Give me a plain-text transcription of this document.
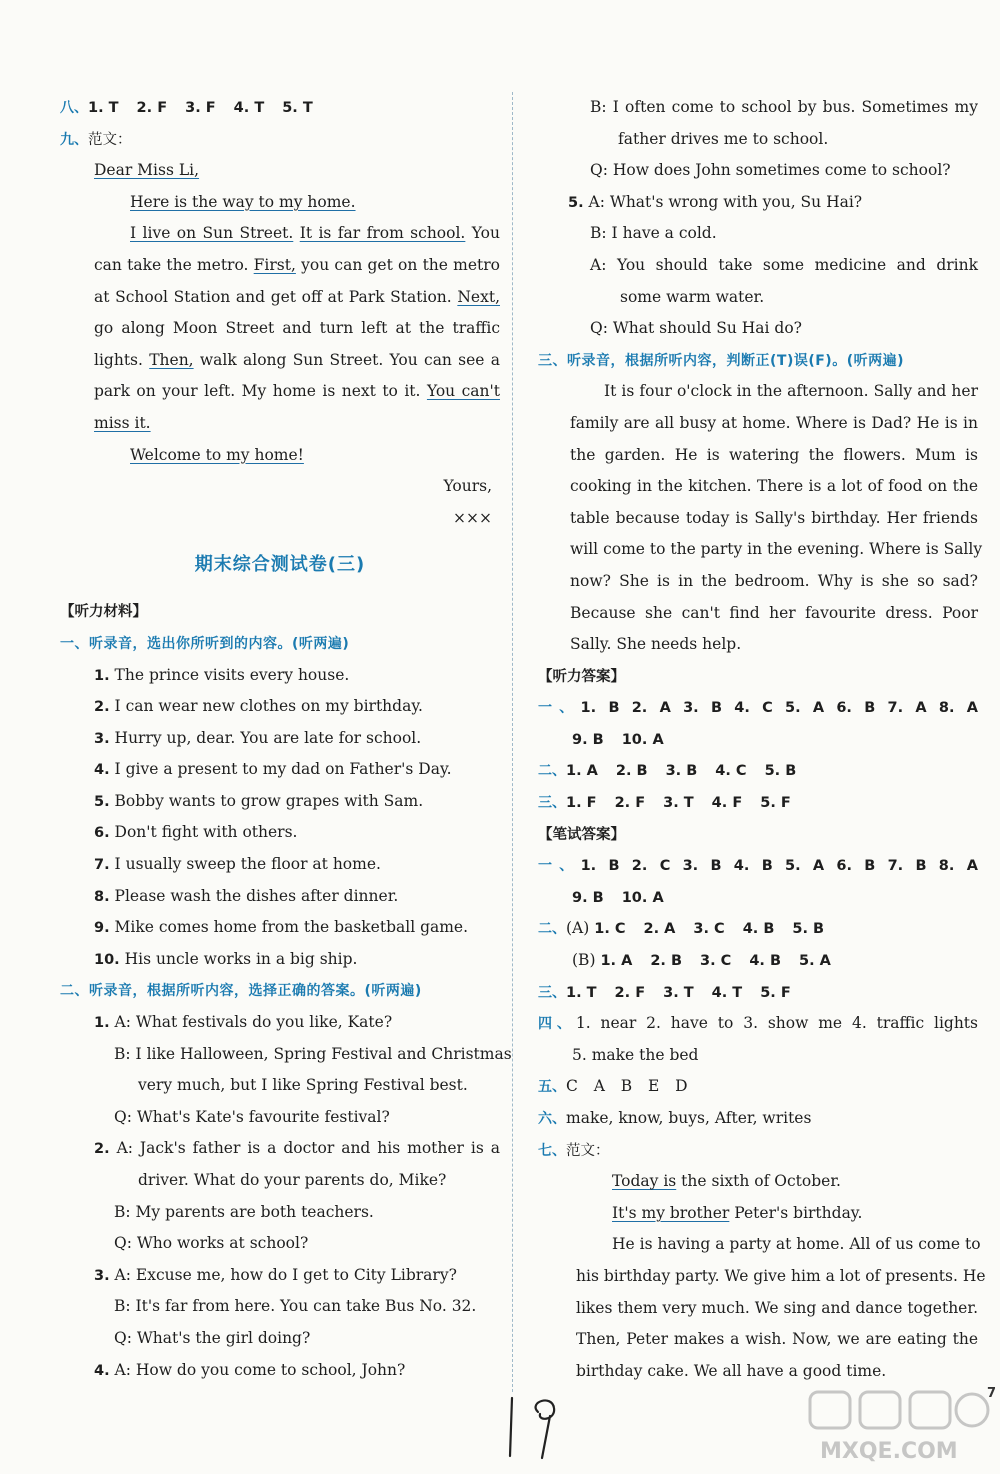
八、1. T 2. F 3. F 4. T 5. T
九、范文：
Dear Miss Li,
Here is the way to my home.
I live on Sun Street. It is far from school. You
can take the metro. First, you can get on the metro
at School Station and get off at Park Station. Next,
go along Moon Street and turn left at the traffic
lights. Then, walk along Sun Street. You can see a
park on your left. My home is next to it. You can't
miss it.
Welcome to my home!
Yours,
×××
期末综合测试卷(三)
【听力材料】
一、听录音，选出你所听到的内容。(听两遍)
1. The prince visits every house.
2. I can wear new clothes on my birthday.
3. Hurry up, dear. You are late for school.
4. I give a present to my dad on Father's Day.
5. Bobby wants to grow grapes with Sam.
6. Don't fight with others.
7. I usually sweep the floor at home.
8. Please wash the dishes after dinner.
9. Mike comes home from the basketball game.
10. His uncle works in a big ship.
二、听录音，根据所听内容，选择正确的答案。(听两遍)
1. A: What festivals do you like, Kate?
B: I like Halloween, Spring Festival and Christmas
very much, but I like Spring Festival best.
Q: What's Kate's favourite festival?
2. A: Jack's father is a doctor and his mother is a
driver. What do your parents do, Mike?
B: My parents are both teachers.
Q: Who works at school?
3. A: Excuse me, how do I get to City Library?
B: It's far from here. You can take Bus No. 32.
Q: What's the girl doing?
4. A: How do you come to school, John?
B: I often come to school by bus. Sometimes my
father drives me to school.
Q: How does John sometimes come to school?
5. A: What's wrong with you, Su Hai?
B: I have a cold.
A: You should take some medicine and drink
some warm water.
Q: What should Su Hai do?
三、听录音，根据所听内容，判断正(T)误(F)。(听两遍)
It is four o'clock in the afternoon. Sally and her
family are all busy at home. Where is Dad? He is in
the garden. He is watering the flowers. Mum is
cooking in the kitchen. There is a lot of food on the
table because today is Sally's birthday. Her friends
will come to the party in the evening. Where is Sally
now? She is in the bedroom. Why is she so sad?
Because she can't find her favourite dress. Poor
Sally. She needs help.
【听力答案】
一、1. B 2. A 3. B 4. C 5. A 6. B 7. A 8. A
9. B 10. A
二、1. A 2. B 3. B 4. C 5. B
三、1. F 2. F 3. T 4. F 5. F
【笔试答案】
一、1. B 2. C 3. B 4. B 5. A 6. B 7. B 8. A
9. B 10. A
二、(A) 1. C 2. A 3. C 4. B 5. B
(B) 1. A 2. B 3. C 4. B 5. A
三、1. T 2. F 3. T 4. T 5. F
四、1. near 2. have to 3. show me 4. traffic lights
5. make the bed
五、C  A  B  E  D
六、make, know, buys, After, writes
七、范文：
Today is the sixth of October.
It's my brother Peter's birthday.
He is having a party at home. All of us come to
his birthday party. We give him a lot of presents. He
likes them very much. We sing and dance together.
Then, Peter makes a wish. Now, we are eating the
birthday cake. We all have a good time.
MXQE.COM
7
